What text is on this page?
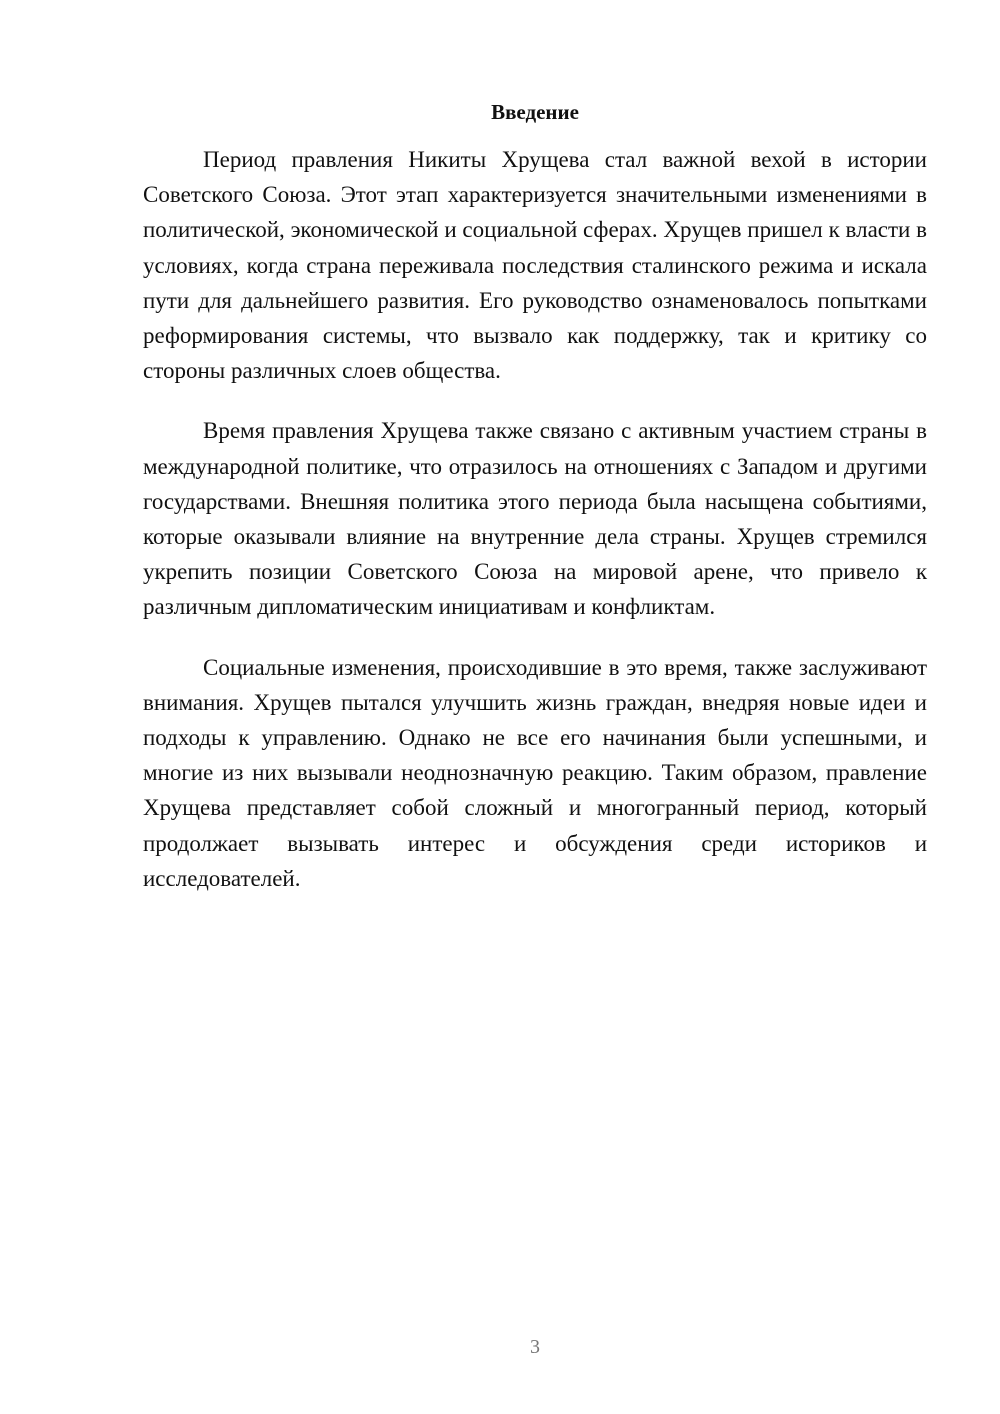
Введение

Период правления Никиты Хрущева стал важной вехой в истории Советского Союза. Этот этап характеризуется значительными изменениями в политической, экономической и социальной сферах. Хрущев пришел к власти в условиях, когда страна переживала последствия сталинского режима и искала пути для дальнейшего развития. Его руководство ознаменовалось попытками реформирования системы, что вызвало как поддержку, так и критику со стороны различных слоев общества.

Время правления Хрущева также связано с активным участием страны в международной политике, что отразилось на отношениях с Западом и другими государствами. Внешняя политика этого периода была насыщена событиями, которые оказывали влияние на внутренние дела страны. Хрущев стремился укрепить позиции Советского Союза на мировой арене, что привело к различным дипломатическим инициативам и конфликтам.

Социальные изменения, происходившие в это время, также заслуживают внимания. Хрущев пытался улучшить жизнь граждан, внедряя новые идеи и подходы к управлению. Однако не все его начинания были успешными, и многие из них вызывали неоднозначную реакцию. Таким образом, правление Хрущева представляет собой сложный и многогранный период, который продолжает вызывать интерес и обсуждения среди историков и исследователей.

3
